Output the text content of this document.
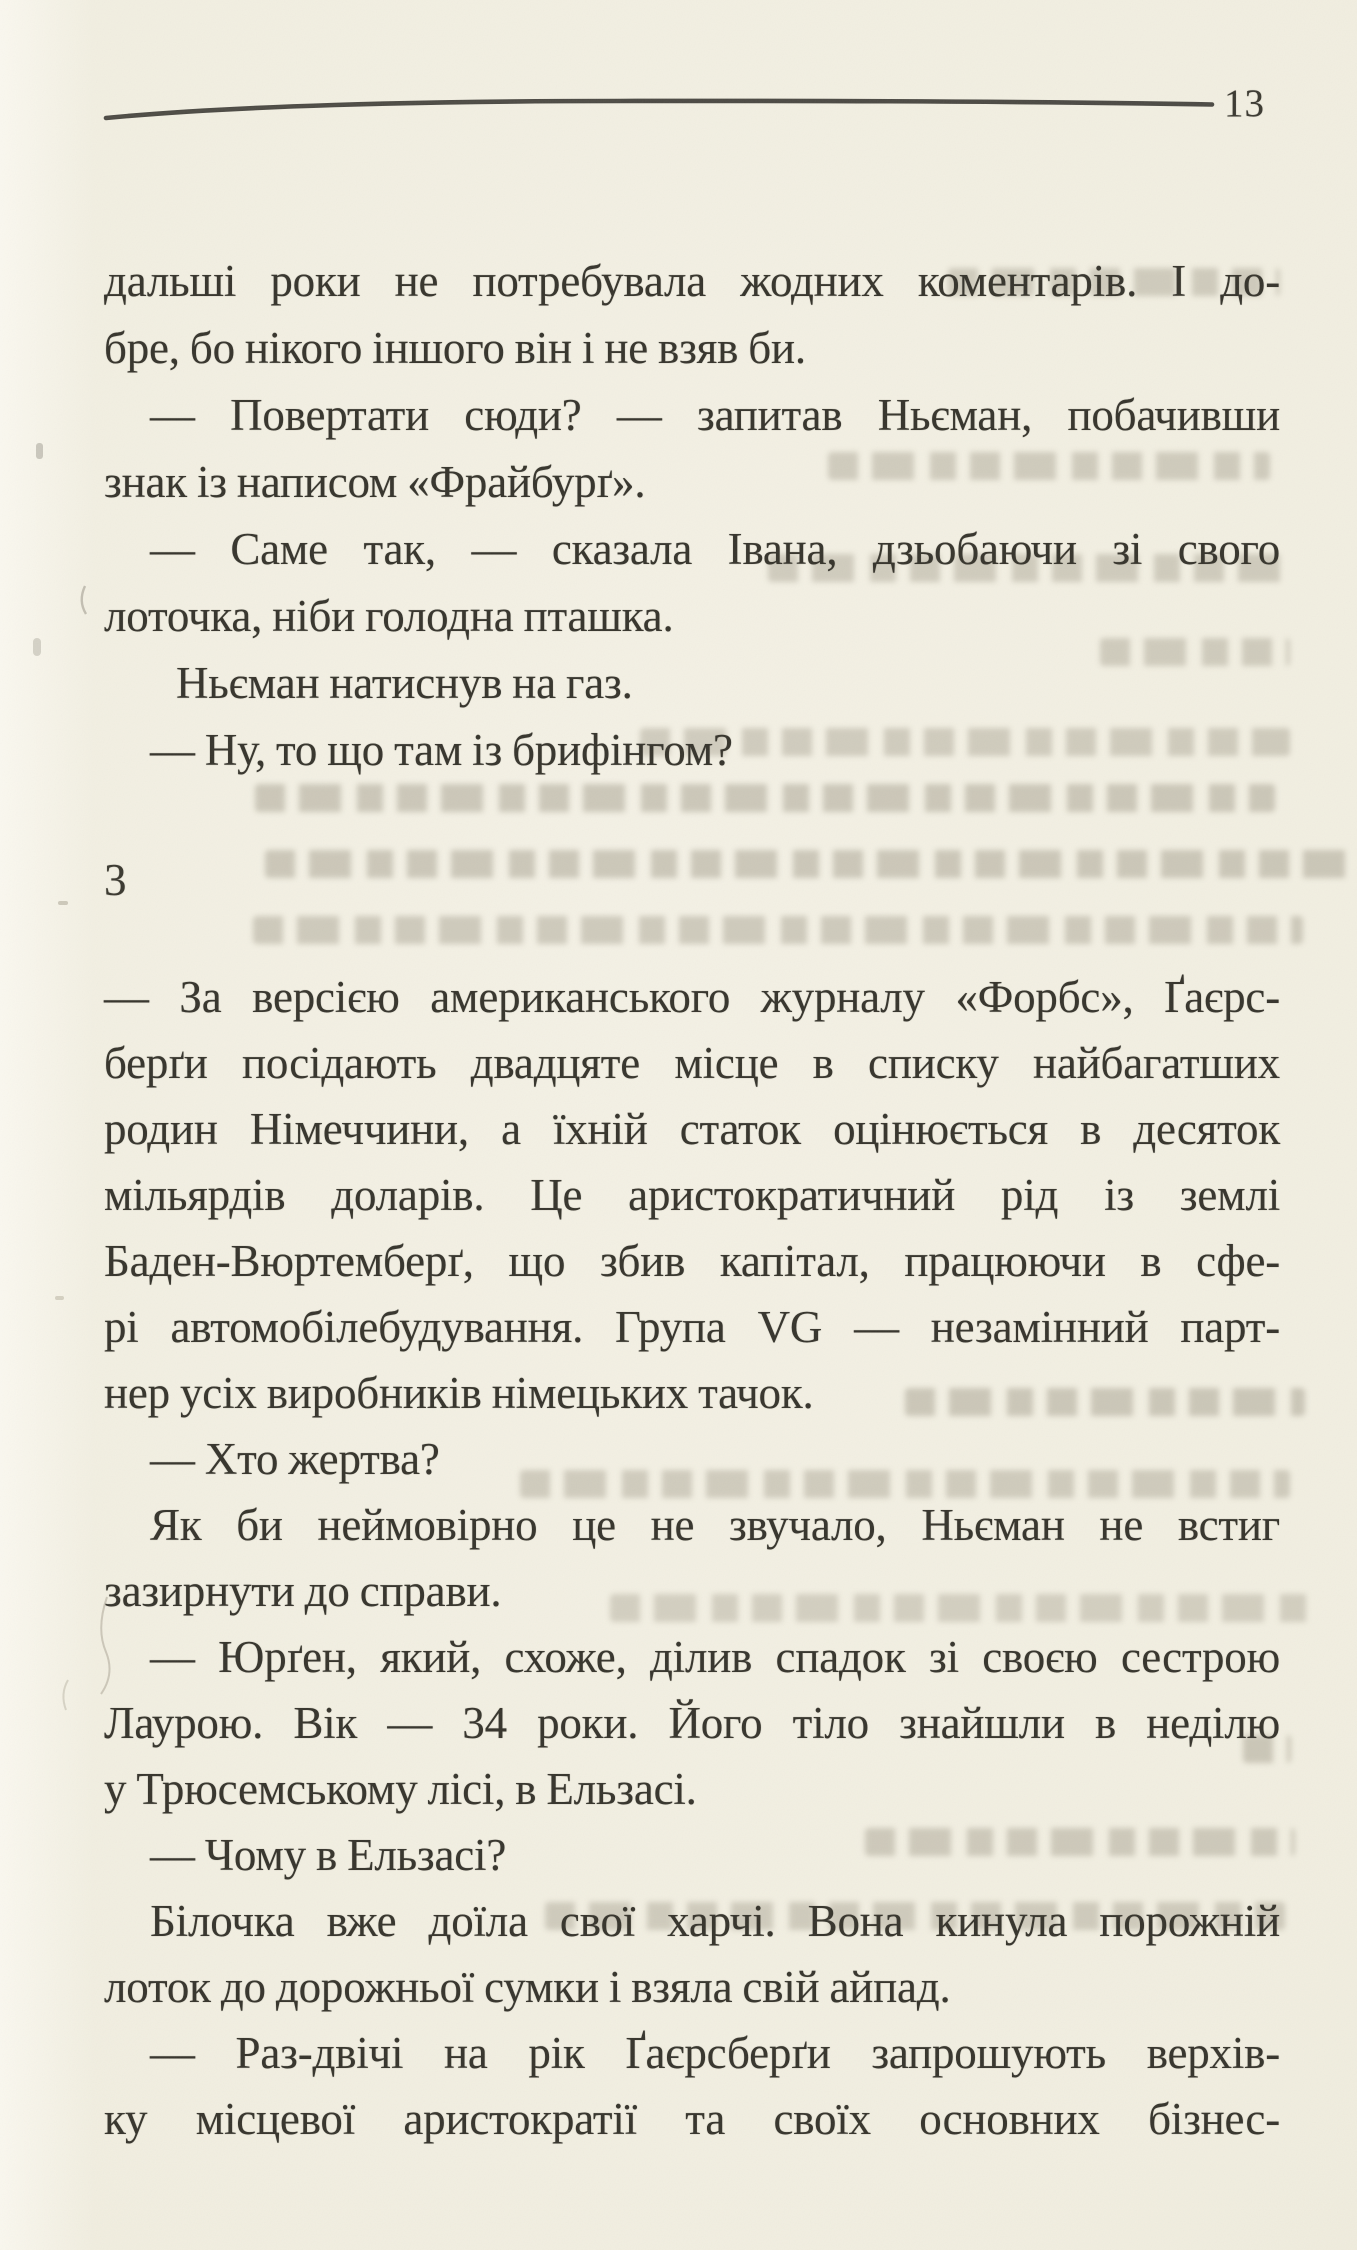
13
дальші роки не потребувала жодних коментарів. І до-
бре, бо нікого іншого він і не взяв би.
— Повертати сюди? — запитав Ньєман, побачивши
знак із написом «Фрайбурґ».
— Саме так, — сказала Івана, дзьобаючи зі свого
лоточка, ніби голодна пташка.
Ньєман натиснув на газ.
— Ну, то що там із брифінгом?
3
— За версією американського журналу «Форбс», Ґаєрс-
берґи посідають двадцяте місце в списку найбагатших
родин Німеччини, а їхній статок оцінюється в десяток
мільярдів доларів. Це аристократичний рід із землі
Баден-Вюртемберґ, що збив капітал, працюючи в сфе-
рі автомобілебудування. Група VG — незамінний парт-
нер усіх виробників німецьких тачок.
— Хто жертва?
Як би неймовірно це не звучало, Ньєман не встиг
зазирнути до справи.
— Юрґен, який, схоже, ділив спадок зі своєю сестрою
Лаурою. Вік — 34 роки. Його тіло знайшли в неділю
у Трюсемському лісі, в Ельзасі.
— Чому в Ельзасі?
Білочка вже доїла свої харчі. Вона кинула порожній
лоток до дорожньої сумки і взяла свій айпад.
— Раз-двічі на рік Ґаєрсберґи запрошують верхів-
ку місцевої аристократії та своїх основних бізнес-
